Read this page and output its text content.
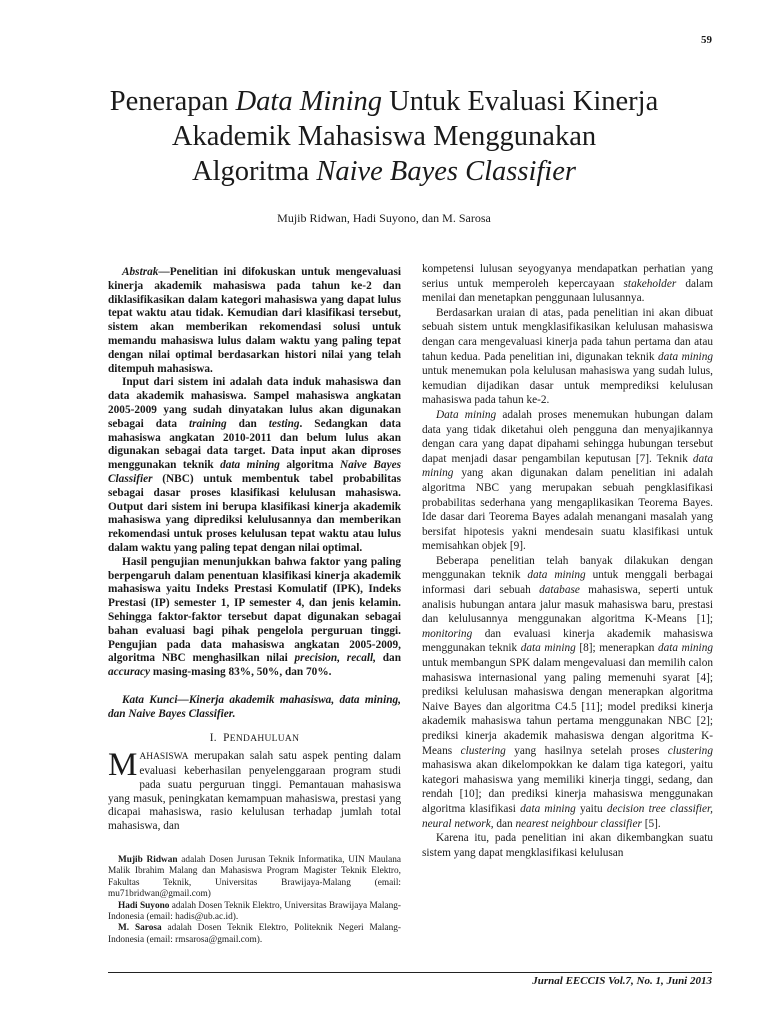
59
Penerapan Data Mining Untuk Evaluasi Kinerja
Akademik Mahasiswa Menggunakan
Algoritma Naive Bayes Classifier
Mujib Ridwan, Hadi Suyono, dan M. Sarosa

Abstrak—Penelitian ini difokuskan untuk mengevaluasi kinerja akademik mahasiswa pada tahun ke-2 dan diklasifikasikan dalam kategori mahasiswa yang dapat lulus tepat waktu atau tidak. Kemudian dari klasifikasi tersebut, sistem akan memberikan rekomendasi solusi untuk memandu mahasiswa lulus dalam waktu yang paling tepat dengan nilai optimal berdasarkan histori nilai yang telah ditempuh mahasiswa.

Input dari sistem ini adalah data induk mahasiswa dan data akademik mahasiswa. Sampel mahasiswa angkatan 2005-2009 yang sudah dinyatakan lulus akan digunakan sebagai data training dan testing. Sedangkan data mahasiswa angkatan 2010-2011 dan belum lulus akan digunakan sebagai data target. Data input akan diproses menggunakan teknik data mining algoritma Naive Bayes Classifier (NBC) untuk membentuk tabel probabilitas sebagai dasar proses klasifikasi kelulusan mahasiswa. Output dari sistem ini berupa klasifikasi kinerja akademik mahasiswa yang diprediksi kelulusannya dan memberikan rekomendasi untuk proses kelulusan tepat waktu atau lulus dalam waktu yang paling tepat dengan nilai optimal.

Hasil pengujian menunjukkan bahwa faktor yang paling berpengaruh dalam penentuan klasifikasi kinerja akademik mahasiswa yaitu Indeks Prestasi Komulatif (IPK), Indeks Prestasi (IP) semester 1, IP semester 4, dan jenis kelamin. Sehingga faktor-faktor tersebut dapat digunakan sebagai bahan evaluasi bagi pihak pengelola perguruan tinggi. Pengujian pada data mahasiswa angkatan 2005-2009, algoritma NBC menghasilkan nilai precision, recall, dan accuracy masing-masing 83%, 50%, dan 70%.

Kata Kunci—Kinerja akademik mahasiswa, data mining, dan Naive Bayes Classifier.

I. PENDAHULUAN

MAHASISWA merupakan salah satu aspek penting dalam evaluasi keberhasilan penyelenggaraan program studi pada suatu perguruan tinggi. Pemantauan mahasiswa yang masuk, peningkatan kemampuan mahasiswa, prestasi yang dicapai mahasiswa, rasio kelulusan terhadap jumlah total mahasiswa, dan

Mujib Ridwan adalah Dosen Jurusan Teknik Informatika, UIN Maulana Malik Ibrahim Malang dan Mahasiswa Program Magister Teknik Elektro, Fakultas Teknik, Universitas Brawijaya-Malang (email: mu71bridwan@gmail.com)

Hadi Suyono adalah Dosen Teknik Elektro, Universitas Brawijaya Malang-Indonesia (email: hadis@ub.ac.id).

M. Sarosa adalah Dosen Teknik Elektro, Politeknik Negeri Malang-Indonesia (email: rmsarosa@gmail.com).

kompetensi lulusan seyogyanya mendapatkan perhatian yang serius untuk memperoleh kepercayaan stakeholder dalam menilai dan menetapkan penggunaan lulusannya.

Berdasarkan uraian di atas, pada penelitian ini akan dibuat sebuah sistem untuk mengklasifikasikan kelulusan mahasiswa dengan cara mengevaluasi kinerja pada tahun pertama dan atau tahun kedua. Pada penelitian ini, digunakan teknik data mining untuk menemukan pola kelulusan mahasiswa yang sudah lulus, kemudian dijadikan dasar untuk memprediksi kelulusan mahasiswa pada tahun ke-2.

Data mining adalah proses menemukan hubungan dalam data yang tidak diketahui oleh pengguna dan menyajikannya dengan cara yang dapat dipahami sehingga hubungan tersebut dapat menjadi dasar pengambilan keputusan [7]. Teknik data mining yang akan digunakan dalam penelitian ini adalah algoritma NBC yang merupakan sebuah pengklasifikasi probabilitas sederhana yang mengaplikasikan Teorema Bayes. Ide dasar dari Teorema Bayes adalah menangani masalah yang bersifat hipotesis yakni mendesain suatu klasifikasi untuk memisahkan objek [9].

Beberapa penelitian telah banyak dilakukan dengan menggunakan teknik data mining untuk menggali berbagai informasi dari sebuah database mahasiswa, seperti untuk analisis hubungan antara jalur masuk mahasiswa baru, prestasi dan kelulusannya menggunakan algoritma K-Means [1]; monitoring dan evaluasi kinerja akademik mahasiswa menggunakan teknik data mining [8]; menerapkan data mining untuk membangun SPK dalam mengevaluasi dan memilih calon mahasiswa internasional yang paling memenuhi syarat [4]; prediksi kelulusan mahasiswa dengan menerapkan algoritma Naive Bayes dan algoritma C4.5 [11]; model prediksi kinerja akademik mahasiswa tahun pertama menggunakan NBC [2]; prediksi kinerja akademik mahasiswa dengan algoritma K-Means clustering yang hasilnya setelah proses clustering mahasiswa akan dikelompokkan ke dalam tiga kategori, yaitu kategori mahasiswa yang memiliki kinerja tinggi, sedang, dan rendah [10]; dan prediksi kinerja mahasiswa menggunakan algoritma klasifikasi data mining yaitu decision tree classifier, neural network, dan nearest neighbour classifier [5].

Karena itu, pada penelitian ini akan dikembangkan suatu sistem yang dapat mengklasifikasi kelulusan

Jurnal EECCIS Vol.7, No. 1, Juni 2013
